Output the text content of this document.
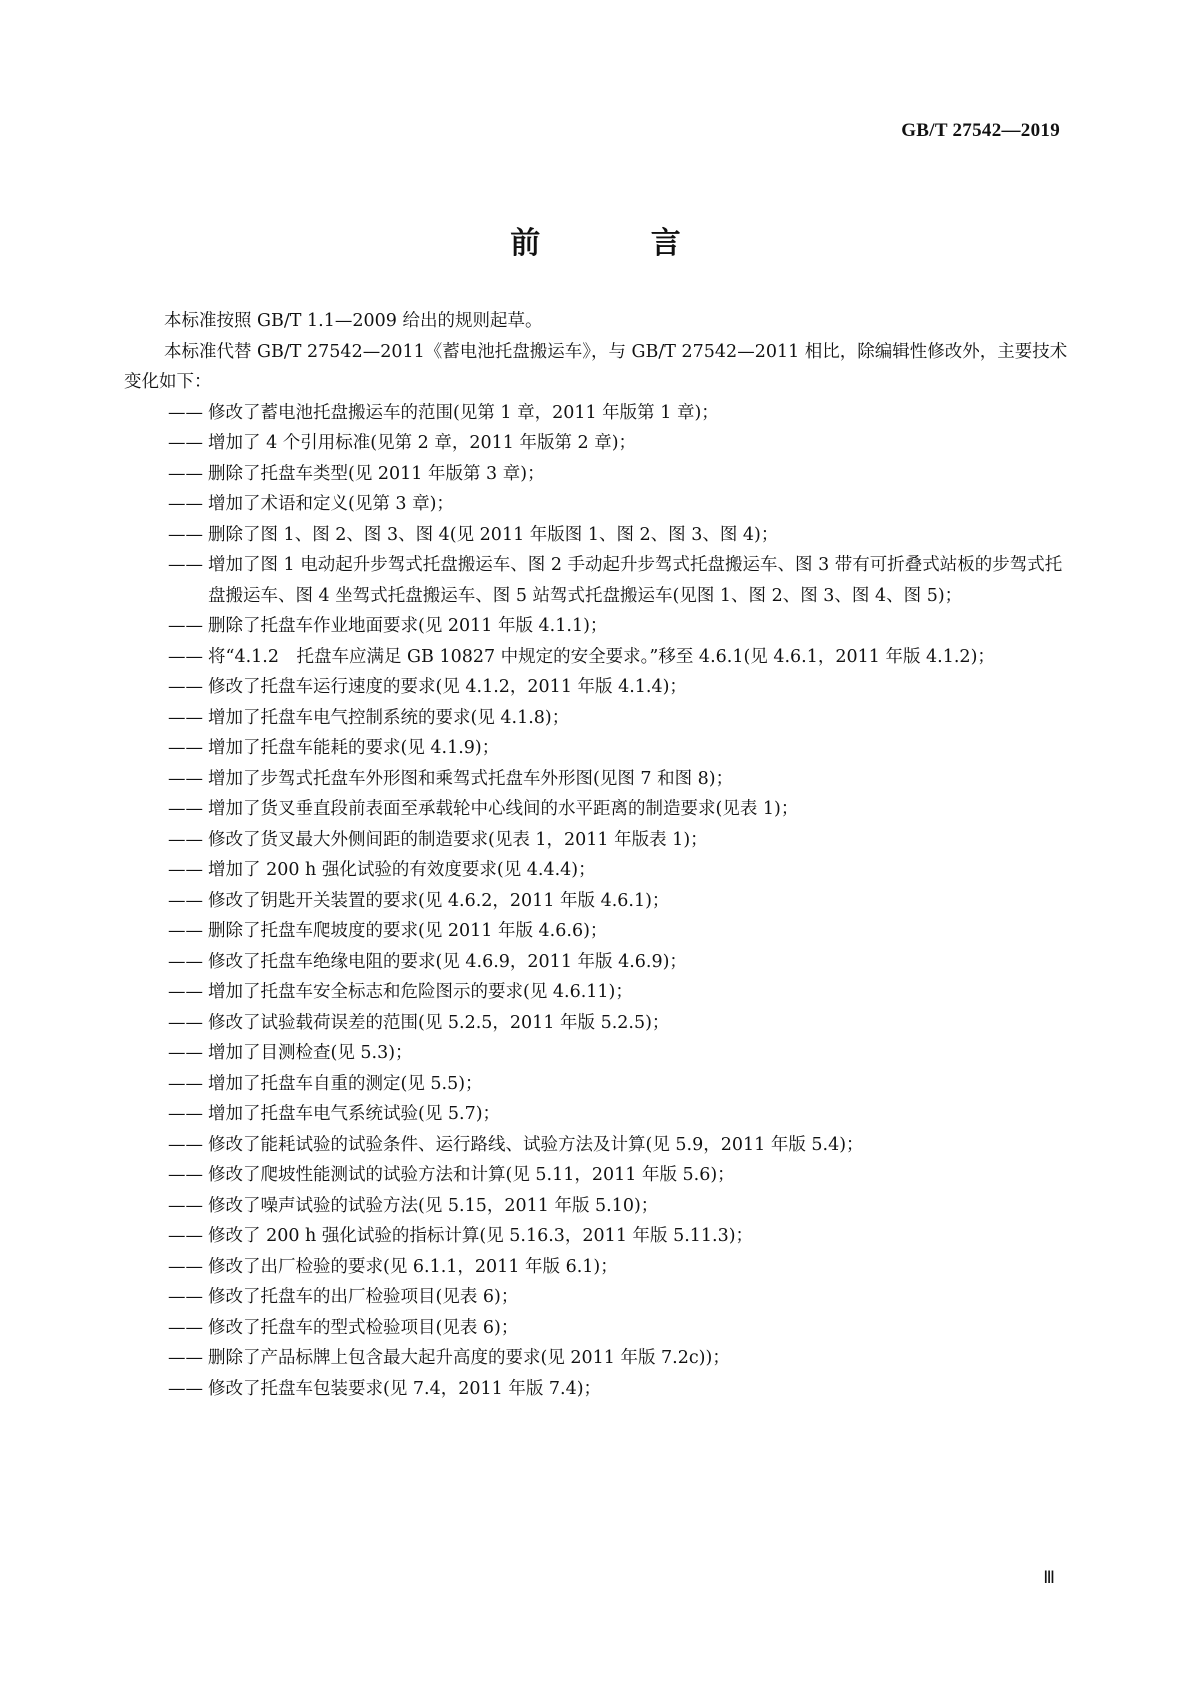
GB/T 27542—2019
前 言

本标准按照 GB/T 1.1—2009 给出的规则起草。

本标准代替 GB/T 27542—2011《蓄电池托盘搬运车》，与 GB/T 27542—2011 相比，除编辑性修改外，主要技术变化如下：

—— 修改了蓄电池托盘搬运车的范围(见第 1 章，2011 年版第 1 章)；
—— 增加了 4 个引用标准(见第 2 章，2011 年版第 2 章)；
—— 删除了托盘车类型(见 2011 年版第 3 章)；
—— 增加了术语和定义(见第 3 章)；
—— 删除了图 1、图 2、图 3、图 4(见 2011 年版图 1、图 2、图 3、图 4)；
—— 增加了图 1 电动起升步驾式托盘搬运车、图 2 手动起升步驾式托盘搬运车、图 3 带有可折叠式站板的步驾式托盘搬运车、图 4 坐驾式托盘搬运车、图 5 站驾式托盘搬运车(见图 1、图 2、图 3、图 4、图 5)；
—— 删除了托盘车作业地面要求(见 2011 年版 4.1.1)；
—— 将“4.1.2　托盘车应满足 GB 10827 中规定的安全要求。”移至 4.6.1(见 4.6.1，2011 年版 4.1.2)；
—— 修改了托盘车运行速度的要求(见 4.1.2，2011 年版 4.1.4)；
—— 增加了托盘车电气控制系统的要求(见 4.1.8)；
—— 增加了托盘车能耗的要求(见 4.1.9)；
—— 增加了步驾式托盘车外形图和乘驾式托盘车外形图(见图 7 和图 8)；
—— 增加了货叉垂直段前表面至承载轮中心线间的水平距离的制造要求(见表 1)；
—— 修改了货叉最大外侧间距的制造要求(见表 1，2011 年版表 1)；
—— 增加了 200 h 强化试验的有效度要求(见 4.4.4)；
—— 修改了钥匙开关装置的要求(见 4.6.2，2011 年版 4.6.1)；
—— 删除了托盘车爬坡度的要求(见 2011 年版 4.6.6)；
—— 修改了托盘车绝缘电阻的要求(见 4.6.9，2011 年版 4.6.9)；
—— 增加了托盘车安全标志和危险图示的要求(见 4.6.11)；
—— 修改了试验载荷误差的范围(见 5.2.5，2011 年版 5.2.5)；
—— 增加了目测检查(见 5.3)；
—— 增加了托盘车自重的测定(见 5.5)；
—— 增加了托盘车电气系统试验(见 5.7)；
—— 修改了能耗试验的试验条件、运行路线、试验方法及计算(见 5.9，2011 年版 5.4)；
—— 修改了爬坡性能测试的试验方法和计算(见 5.11，2011 年版 5.6)；
—— 修改了噪声试验的试验方法(见 5.15，2011 年版 5.10)；
—— 修改了 200 h 强化试验的指标计算(见 5.16.3，2011 年版 5.11.3)；
—— 修改了出厂检验的要求(见 6.1.1，2011 年版 6.1)；
—— 修改了托盘车的出厂检验项目(见表 6)；
—— 修改了托盘车的型式检验项目(见表 6)；
—— 删除了产品标牌上包含最大起升高度的要求(见 2011 年版 7.2c))；
—— 修改了托盘车包装要求(见 7.4，2011 年版 7.4)；
Ⅲ
